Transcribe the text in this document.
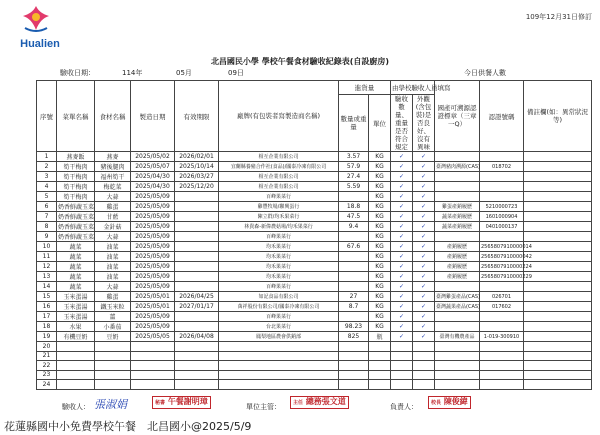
Hualien
109年12月31日修訂
北昌國民小學 學校午餐食材驗收紀錄表(自設廚房)
驗收日期：	114年	05月	09日	今日供餐人數
序號	菜單名稱	食材名稱	製造日期	有效期限	廠牌(有包裝者寫製造商名稱)	進貨量		由學校驗收人員填寫		國產可溯源認證標章（三章一Q）	認證號碼	備註欄(如：異常狀況等)
						數量或重量	單位	驗收數量、重量是否符合規定	外觀(含包裝)是否良好、沒有異味			
1	燕麥飯	燕麥	2025/05/02	2026/02/01	相互企業有限公司	3.57	KG	✓	✓			
2	筍干梅肉	豬後腿肉	2025/05/07	2025/10/14	宜蘭縣養豬合作社(食品)/國泰冷凍有限公司	57.9	KG	✓	✓	臺灣豬肉溯源(CAS)	018702	
3	筍干梅肉	福州筍干	2025/04/30	2026/03/27	相互企業有限公司	27.4	KG	✓	✓			
4	筍干梅肉	梅乾菜	2025/04/30	2025/12/20	相互企業有限公司	5.59	KG	✓	✓			
5	筍干梅肉	大蒜	2025/05/09		百峰果菜行		KG	✓	✓			
6	奶香鮮蔬玉菜	雞蛋	2025/05/09		雞豐牧場/聯興蛋行	18.8	KG	✓	✓	雞蛋產銷履歷	5210000723	
7	奶香鮮蔬玉菜	甘藍	2025/05/09		陳立群/均禾果菜行	47.5	KG	✓	✓	蔬菜產銷履歷	1601000904	
8	奶香鮮蔬玉菜	金針菇	2025/05/09		林貴森-新偉農菇場/均禾果菜行	9.4	KG	✓	✓	蔬菜產銷履歷	0401000137	
9	奶香鮮蔬玉菜	大蒜	2025/05/09		百峰果菜行		KG	✓	✓			
10	蔬菜	油菜	2025/05/09		均禾果菜行	67.6	KG	✓	✓	產銷履歷	2565807910000014	
11	蔬菜	油菜	2025/05/09		均禾果菜行		KG	✓	✓	產銷履歷	2565807910000042	
12	蔬菜	油菜	2025/05/09		均禾果菜行		KG	✓	✓	產銷履歷	2565807910000224	
13	蔬菜	油菜	2025/05/09		均禾果菜行		KG	✓	✓	產銷履歷	2565807910000229	
14	蔬菜	大蒜	2025/05/09		百峰果菜行		KG	✓	✓			
15	玉米蛋湯	雞蛋	2025/05/01	2026/04/25	如記食品有限公司	27	KG	✓	✓	臺灣雞蛋產品(CAS)	026701	
16	玉米蛋湯	鐵玉米粒	2025/05/01	2027/01/17	萬祥股份有限公司/國泰冷凍有限公司	8.7	KG	✓	✓	臺灣蔬果產品(CAS)	017602	
17	玉米蛋湯	薑	2025/05/09		百峰果菜行		KG	✓	✓			
18	水果	小番茄	2025/05/09		台北果菜行	98.23	KG	✓	✓			
19	有機豆奶	豆奶	2025/05/05	2026/04/08	鳳梨地區農會供銷部	825	瓶	✓	✓	臺灣有機農產品	1-019-300910	
20												
21												
22												
23												
24												
驗收人： 張淑娟	秘書 午餐謝明璋
單位主管：	主任 總務張文道
負責人：	校長 陳俊緯
花蓮縣國中小免費學校午餐　北昌國小@2025/5/9
